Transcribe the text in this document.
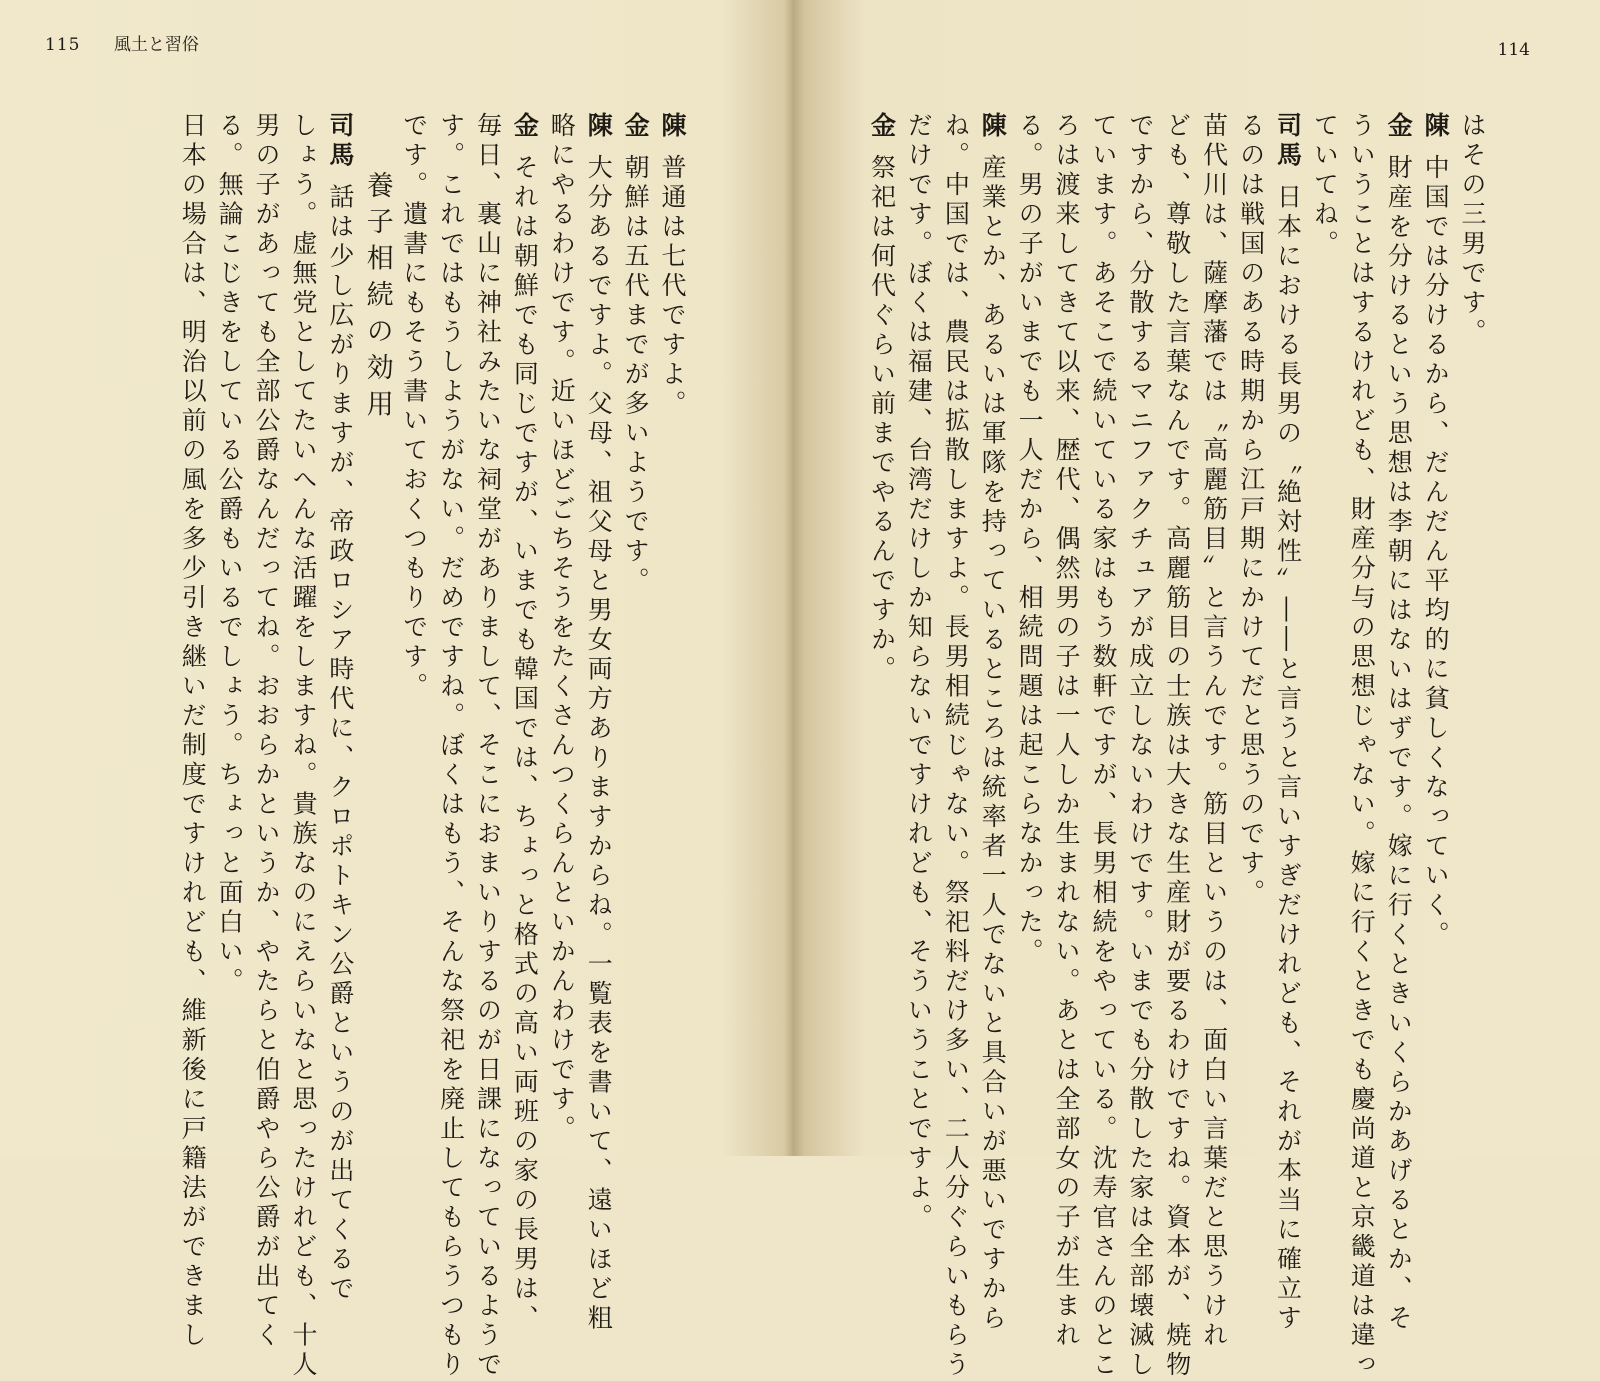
115 風土と習俗
陳普通は七代ですよ。
金朝鮮は五代までが多いようです。
陳大分あるですよ。父母、祖父母と男女両方ありますからね。一覧表を書いて、遠いほど粗
略にやるわけです。近いほどごちそうをたくさんつくらんといかんわけです。
金それは朝鮮でも同じですが、いまでも韓国では、ちょっと格式の高い両班の家の長男は、
毎日、裏山に神社みたいな祠堂がありまして、そこにおまいりするのが日課になっているようで
す。これではもうしようがない。だめですね。ぼくはもう、そんな祭祀を廃止してもらうつもり
です。遺書にもそう書いておくつもりです。
養子相続の効用
司馬話は少し広がりますが、帝政ロシア時代に、クロポトキン公爵というのが出てくるで
しょう。虚無党としてたいへんな活躍をしますね。貴族なのにえらいなと思ったけれども、十人
男の子があっても全部公爵なんだってね。おおらかというか、やたらと伯爵やら公爵が出てく
る。無論こじきをしている公爵もいるでしょう。ちょっと面白い。
日本の場合は、明治以前の風を多少引き継いだ制度ですけれども、維新後に戸籍法ができまし
114
はその三男です。
陳中国では分けるから、だんだん平均的に貧しくなっていく。
金財産を分けるという思想は李朝にはないはずです。嫁に行くときいくらかあげるとか、そ
ういうことはするけれども、財産分与の思想じゃない。嫁に行くときでも慶尚道と京畿道は違っ
ていてね。
司馬日本における長男の〝絶対性〟――と言うと言いすぎだけれども、それが本当に確立す
るのは戦国のある時期から江戸期にかけてだと思うのです。
苗代川は、薩摩藩では〝高麗筋目〟と言うんです。筋目というのは、面白い言葉だと思うけれ
ども、尊敬した言葉なんです。高麗筋目の士族は大きな生産財が要るわけですね。資本が、焼物
ですから、分散するマニファクチュアが成立しないわけです。いまでも分散した家は全部壊滅し
ています。あそこで続いている家はもう数軒ですが、長男相続をやっている。沈寿官さんのとこ
ろは渡来してきて以来、歴代、偶然男の子は一人しか生まれない。あとは全部女の子が生まれ
る。男の子がいまでも一人だから、相続問題は起こらなかった。
陳産業とか、あるいは軍隊を持っているところは統率者一人でないと具合いが悪いですから
ね。中国では、農民は拡散しますよ。長男相続じゃない。祭祀料だけ多い、二人分ぐらいもらう
だけです。ぼくは福建、台湾だけしか知らないですけれども、そういうことですよ。
金祭祀は何代ぐらい前までやるんですか。
